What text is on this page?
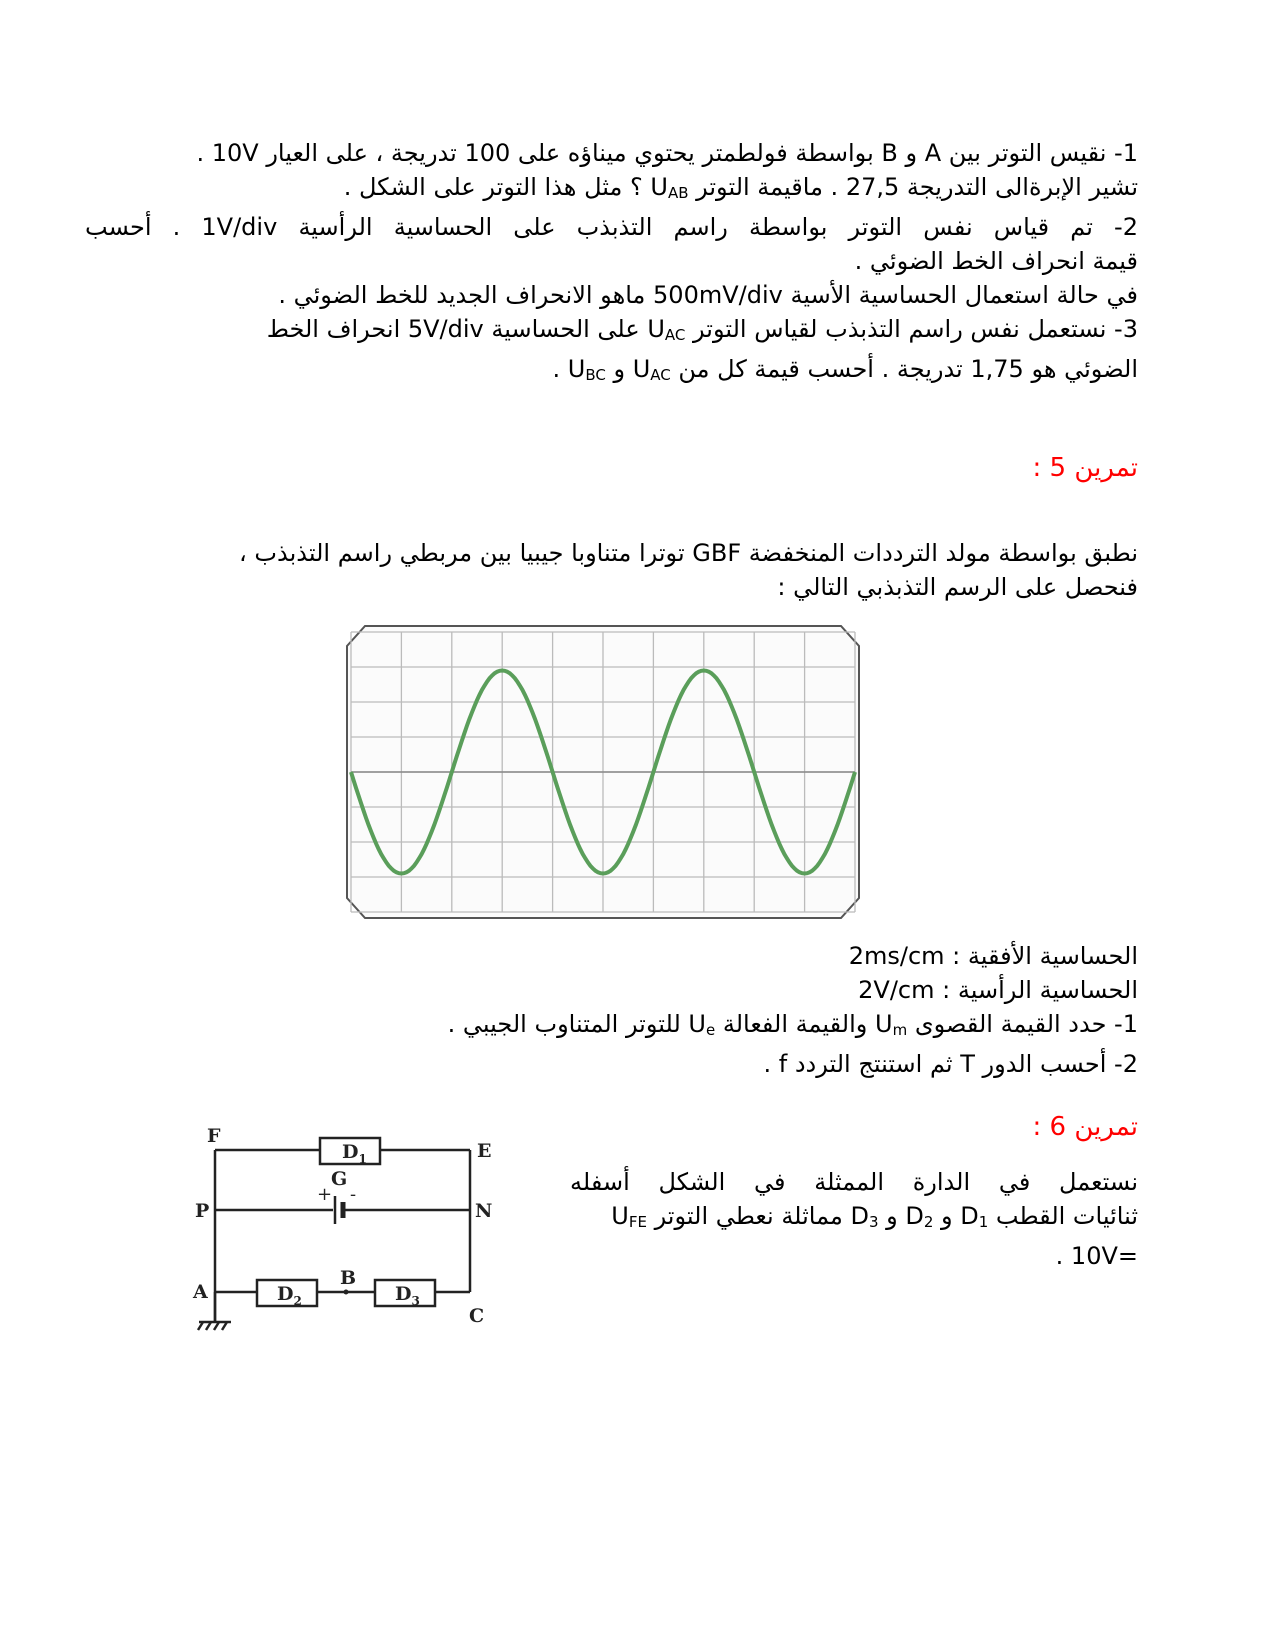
1- نقيس التوتر بين A و B بواسطة فولطمتر يحتوي ميناؤه على 100 تدريجة ، على العيار 10V .
تشير الإبرةالى التدريجة 27,5 . ماقيمة التوتر $U_{AB}$ ؟ مثل هذا التوتر على الشكل .
2- تم قياس نفس التوتر بواسطة راسم التذبذب على الحساسية الرأسية 1V/div . أحسب
قيمة انحراف الخط الضوئي .
في حالة استعمال الحساسية الأسية 500mV/div ماهو الانحراف الجديد للخط الضوئي .
3- نستعمل نفس راسم التذبذب لقياس التوتر $U_{AC}$ على الحساسية 5V/div انحراف الخط
الضوئي هو 1,75 تدريجة . أحسب قيمة كل من $U_{AC}$ و $U_{BC}$ .
تمرين 5 :
نطبق بواسطة مولد الترددات المنخفضة GBF توترا متناوبا جيبيا بين مربطي راسم التذبذب ،
فنحصل على الرسم التذبذبي التالي :
الحساسية الأفقية : 2ms/cm
الحساسية الرأسية : 2V/cm
1- حدد القيمة القصوى $U_m$ والقيمة الفعالة $U_e$ للتوتر المتناوب الجيبي .
2- أحسب الدور T ثم استنتج التردد f .
تمرين 6 :
نستعمل في الدارة الممثلة في الشكل أسفله
ثنائيات القطب $D_1$ و $D_2$ و $D_3$ مماثلة نعطي التوتر $U_{FE}$
=10V .
+ -
$D_1$
$D_2$	$D_3$
F
E
P	N
A
B
C
G
